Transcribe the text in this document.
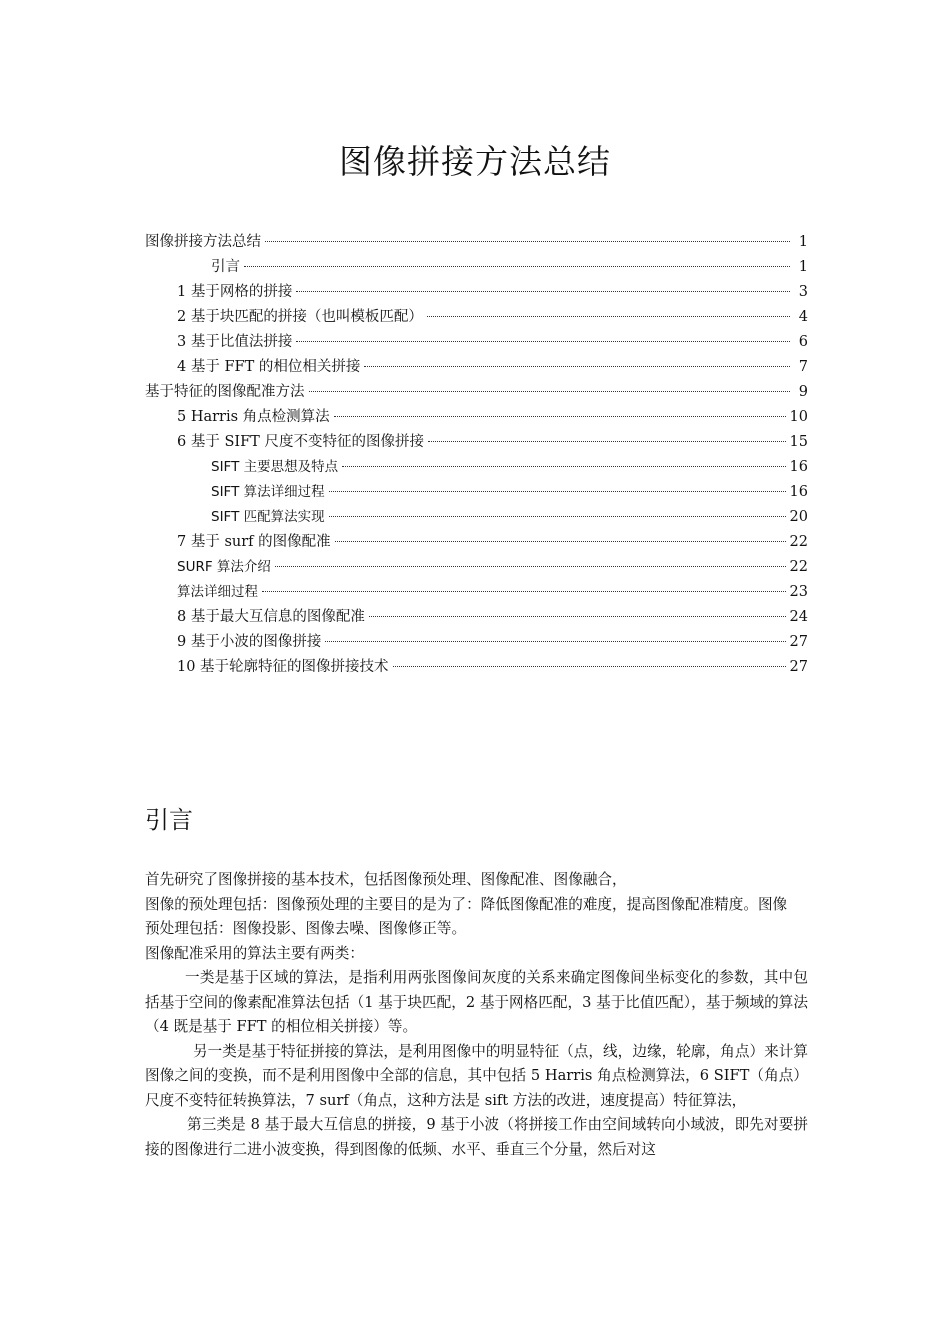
图像拼接方法总结
图像拼接方法总结	1
引言	1
1 基于网格的拼接	3
2 基于块匹配的拼接（也叫模板匹配）	4
3 基于比值法拼接	6
4 基于 FFT 的相位相关拼接	7
基于特征的图像配准方法	9
5 Harris 角点检测算法	10
6 基于 SIFT 尺度不变特征的图像拼接	15
SIFT 主要思想及特点	16
SIFT 算法详细过程	16
SIFT 匹配算法实现	20
7 基于 surf 的图像配准	22
SURF 算法介绍	22
算法详细过程	23
8 基于最大互信息的图像配准	24
9 基于小波的图像拼接	27
10 基于轮廓特征的图像拼接技术	27
引言

首先研究了图像拼接的基本技术，包括图像预处理、图像配准、图像融合，

图像的预处理包括：图像预处理的主要目的是为了：降低图像配准的难度，提高图像配准精度。图像

预处理包括：图像投影、图像去噪、图像修正等。

图像配准采用的算法主要有两类：

一类是基于区域的算法，是指利用两张图像间灰度的关系来确定图像间坐标变化的参数，其中包括基于空间的像素配准算法包括（1 基于块匹配，2 基于网格匹配，3 基于比值匹配），基于频域的算法（4 既是基于 FFT 的相位相关拼接）等。

另一类是基于特征拼接的算法，是利用图像中的明显特征（点，线，边缘，轮廓，角点）来计算图像之间的变换，而不是利用图像中全部的信息，其中包括 5 Harris 角点检测算法，6 SIFT（角点）尺度不变特征转换算法，7 surf（角点，这种方法是 sift 方法的改进，速度提高）特征算法，

第三类是 8 基于最大互信息的拼接，9 基于小波（将拼接工作由空间域转向小域波，即先对要拼接的图像进行二进小波变换，得到图像的低频、水平、垂直三个分量，然后对这
